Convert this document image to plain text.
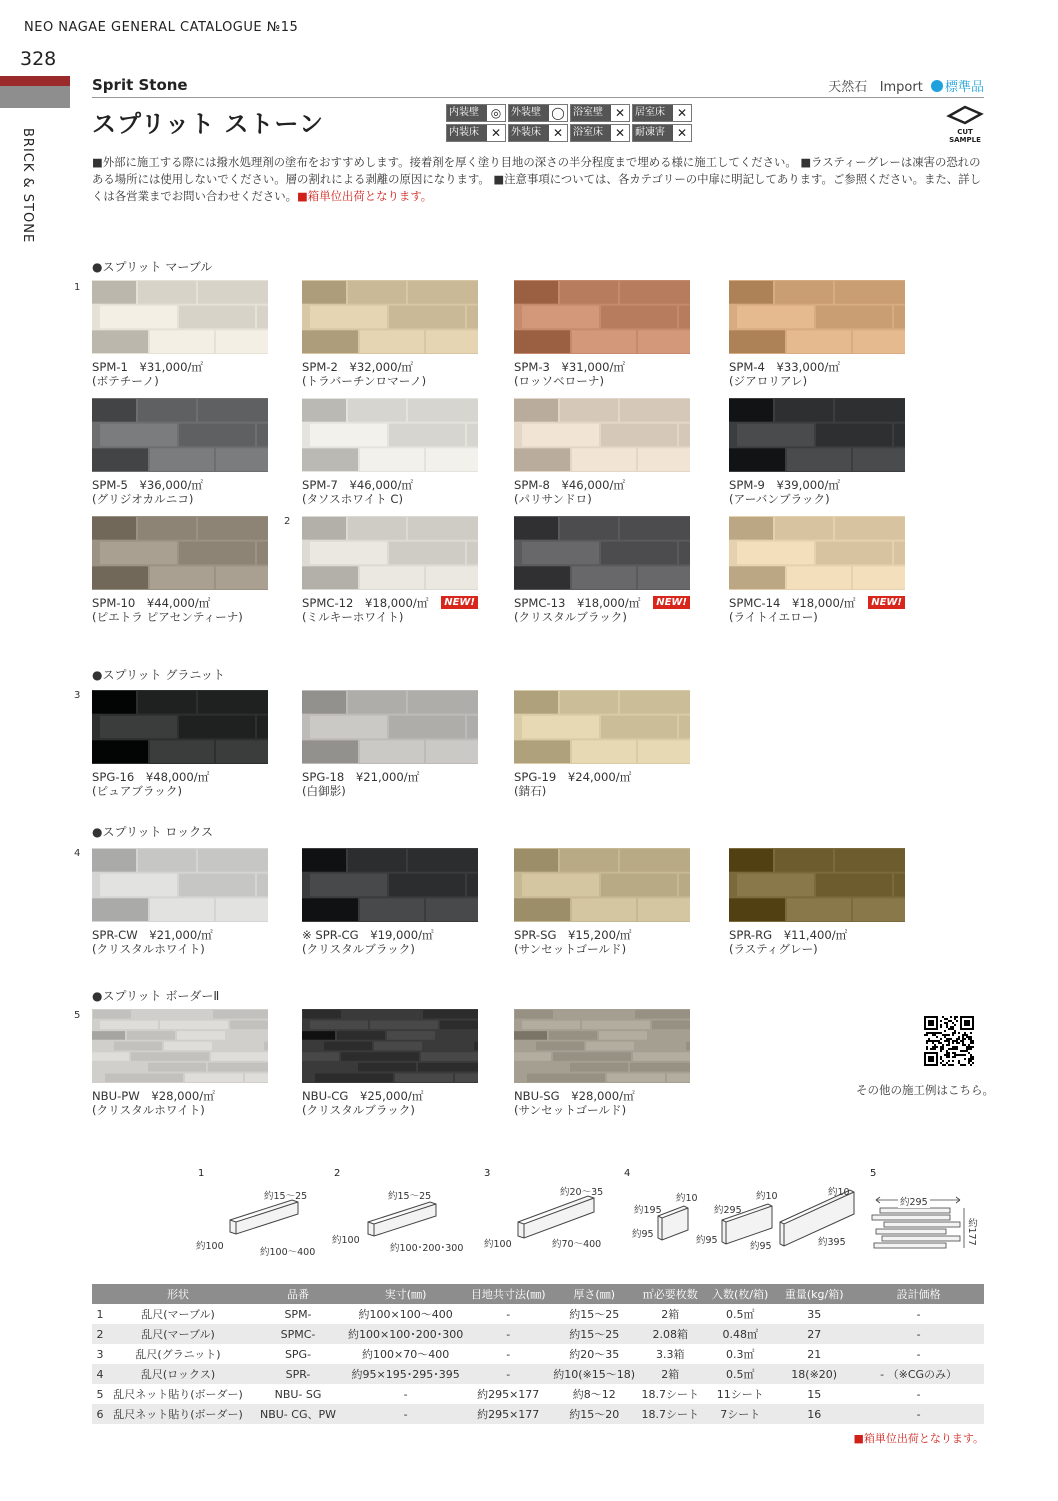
NEO NAGAE GENERAL CATALOGUE №15
328
BRICK & STONE
Sprit Stone	天然石 Import 標準品
スプリット ストーン	内装壁 ◎ 外装壁 ◯ 浴室壁 ✕ 居室床 ✕
内装床 ✕ 外装床 ✕ 浴室床 ✕ 耐凍害 ✕	CUT SAMPLE
■外部に施工する際には撥水処理剤の塗布をおすすめします。接着剤を厚く塗り目地の深さの半分程度まで埋める様に施工してください。 ■ラスティーグレーは凍害の恐れのある場所には使用しないでください。層の割れによる剥離の原因になります。 ■注意事項については、各カテゴリーの中扉に明記してあります。ご参照ください。また、詳しくは各営業までお問い合わせください。■箱単位出荷となります。
●スプリット マーブル
●スプリット グラニット
●スプリット ロックス
●スプリット ボーダーⅡ
1
2
3
4
5
SPM-1　¥31,000/㎡
(ボテチーノ)
SPM-2　¥32,000/㎡
(トラバーチンロマーノ)
SPM-3　¥31,000/㎡
(ロッソベローナ)
SPM-4　¥33,000/㎡
(ジアロリアレ)
SPM-5　¥36,000/㎡
(グリジオカルニコ)
SPM-7　¥46,000/㎡
(タソスホワイト C)
SPM-8　¥46,000/㎡
(パリサンドロ)
SPM-9　¥39,000/㎡
(アーバンブラック)
SPM-10　¥44,000/㎡
(ピエトラ ピアセンティーナ)
SPMC-12　¥18,000/㎡
(ミルキーホワイト)
NEW!	SPMC-13　¥18,000/㎡
(クリスタルブラック)
NEW!	SPMC-14　¥18,000/㎡
(ライトイエロー)
NEW!
SPG-16　¥48,000/㎡
(ピュアブラック)
SPG-18　¥21,000/㎡
(白御影)
SPG-19　¥24,000/㎡
(錆石)
SPR-CW　¥21,000/㎡
(クリスタルホワイト)
※ SPR-CG　¥19,000/㎡
(クリスタルブラック)
SPR-SG　¥15,200/㎡
(サンセットゴールド)
SPR-RG　¥11,400/㎡
(ラスティグレー)
NBU-PW　¥28,000/㎡
(クリスタルホワイト)
NBU-CG　¥25,000/㎡
(クリスタルブラック)
NBU-SG　¥28,000/㎡
(サンセットゴールド)
その他の施工例はこちら。
1
約15～25
約100
約100～400
2
約15～25
約100
約100･200･300
3
約20～35
約100	約70～400
4
約195
約10
約95
約295
約10
約95
約95
約10
約395
5
約295
約177
	形状	品番	実寸(㎜)	目地共寸法(㎜)	厚さ(㎜)	㎡必要枚数	入数(枚/箱)	重量(kg/箱)	設計価格
1	乱尺(マーブル)	SPM-	約100×100～400	-	約15～25	2箱	0.5㎡	35	-
2	乱尺(マーブル)	SPMC-	約100×100･200･300	-	約15～25	2.08箱	0.48㎡	27	-
3	乱尺(グラニット)	SPG-	約100×70～400	-	約20～35	3.3箱	0.3㎡	21	-
4	乱尺(ロックス)	SPR-	約95×195･295･395	-	約10(※15～18)	2箱	0.5㎡	18(※20)	- （※CGのみ）
5	乱尺ネット貼り(ボーダー)	NBU- SG	-	約295×177	約8～12	18.7シート	11シート	15	-
6	乱尺ネット貼り(ボーダー)	NBU- CG、PW	-	約295×177	約15～20	18.7シート	7シート	16	-
■箱単位出荷となります。
